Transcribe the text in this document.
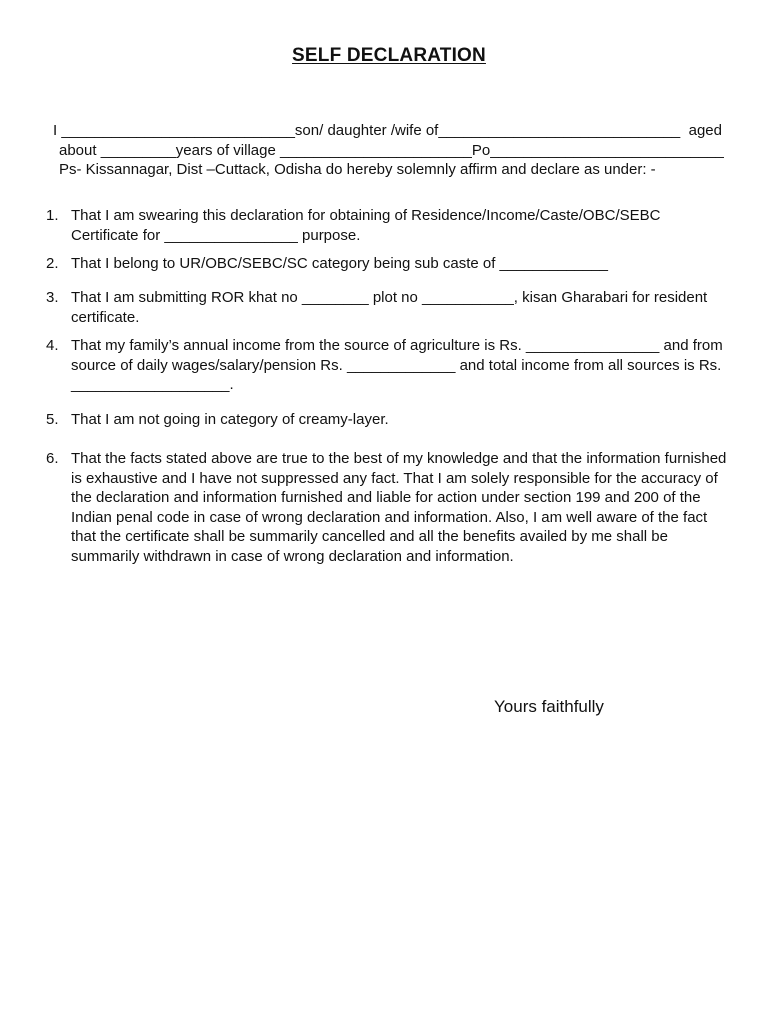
SELF DECLARATION
I ____________________________son/ daughter /wife of_____________________________  aged
about _________years of village _______________________Po____________________________
Ps- Kissannagar, Dist –Cuttack, Odisha do hereby solemnly affirm and declare as under: -
1. That I am swearing this declaration for obtaining of Residence/Income/Caste/OBC/SEBC
Certificate for ________________ purpose.
2. That I belong to UR/OBC/SEBC/SC category being sub caste of _____________
3. That I am submitting ROR khat no ________ plot no ___________, kisan Gharabari for resident
certificate.
4. That my family’s annual income from the source of agriculture is Rs. ________________ and from
source of daily wages/salary/pension Rs. _____________ and total income from all sources is Rs.
___________________.
5. That I am not going in category of creamy-layer.
6. That the facts stated above are true to the best of my knowledge and that the information furnished
is exhaustive and I have not suppressed any fact. That I am solely responsible for the accuracy of
the declaration and information furnished and liable for action under section 199 and 200 of the
Indian penal code in case of wrong declaration and information. Also, I am well aware of the fact
that the certificate shall be summarily cancelled and all the benefits availed by me shall be
summarily withdrawn in case of wrong declaration and information.
Yours faithfully
